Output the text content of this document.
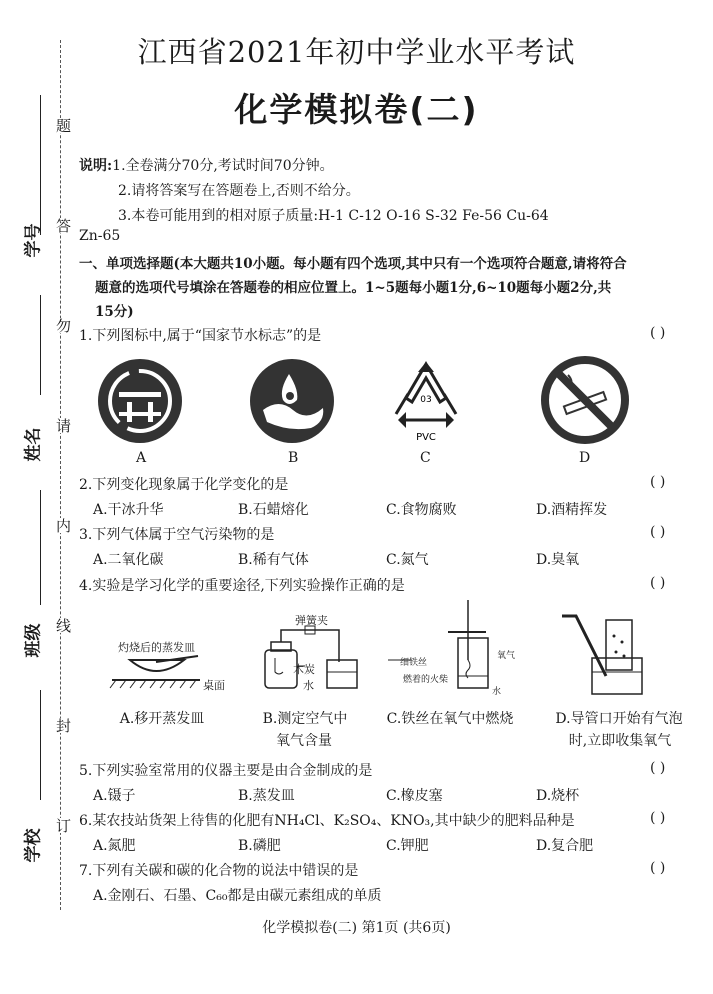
学号
姓名
班级
学校
题
答
勿
请
内
线
封
订
江西省2021年初中学业水平考试
化学模拟卷(二)
说明:1.全卷满分70分,考试时间70分钟。
2.请将答案写在答题卷上,否则不给分。
3.本卷可能用到的相对原子质量:H-1 C-12 O-16 S-32 Fe-56 Cu-64
Zn-65
一、单项选择题(本大题共10小题。每小题有四个选项,其中只有一个选项符合题意,请将符合
题意的选项代号填涂在答题卷的相应位置上。1~5题每小题1分,6~10题每小题2分,共
15分)
1.下列图标中,属于“国家节水标志”的是	( )
03
PVC
A	B	C	D
2.下列变化现象属于化学变化的是	( )
A.干冰升华	B.石蜡熔化	C.食物腐败	D.酒精挥发
3.下列气体属于空气污染物的是	( )
A.二氧化碳	B.稀有气体	C.氮气	D.臭氧
4.实验是学习化学的重要途径,下列实验操作正确的是	( )
灼烧后的蒸发皿
桌面
弹簧夹
木炭
水
细铁丝
燃着的火柴
氧气
水
A.移开蒸发皿	B.测定空气中
氧气含量
C.铁丝在氧气中燃烧	D.导管口开始有气泡
时,立即收集氧气
5.下列实验室常用的仪器主要是由合金制成的是	( )
A.镊子	B.蒸发皿	C.橡皮塞	D.烧杯
6.某农技站货架上待售的化肥有NH₄Cl、K₂SO₄、KNO₃,其中缺少的肥料品种是	( )
A.氮肥	B.磷肥	C.钾肥	D.复合肥
7.下列有关碳和碳的化合物的说法中错误的是	( )
A.金刚石、石墨、C₆₀都是由碳元素组成的单质
化学模拟卷(二) 第1页 (共6页)
